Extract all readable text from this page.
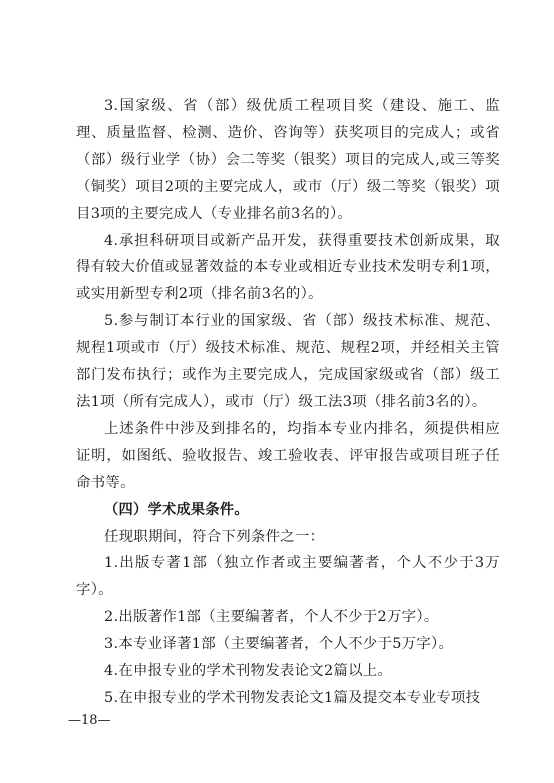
3.国家级、省（部）级优质工程项目奖（建设、施工、监理、质量监督、检测、造价、咨询等）获奖项目的完成人；或省（部）级行业学（协）会二等奖（银奖）项目的完成人,或三等奖（铜奖）项目2项的主要完成人，或市（厅）级二等奖（银奖）项目3项的主要完成人（专业排名前3名的）。

4.承担科研项目或新产品开发，获得重要技术创新成果，取得有较大价值或显著效益的本专业或相近专业技术发明专利1项，或实用新型专利2项（排名前3名的）。

5.参与制订本行业的国家级、省（部）级技术标准、规范、规程1项或市（厅）级技术标准、规范、规程2项，并经相关主管部门发布执行；或作为主要完成人，完成国家级或省（部）级工法1项（所有完成人），或市（厅）级工法3项（排名前3名的）。

上述条件中涉及到排名的，均指本专业内排名，须提供相应证明，如图纸、验收报告、竣工验收表、评审报告或项目班子任命书等。

（四）学术成果条件。

任现职期间，符合下列条件之一：

1.出版专著1部（独立作者或主要编著者，个人不少于3万字）。

2.出版著作1部（主要编著者，个人不少于2万字）。

3.本专业译著1部（主要编著者，个人不少于5万字）。

4.在申报专业的学术刊物发表论文2篇以上。

5.在申报专业的学术刊物发表论文1篇及提交本专业专项技

—18—
